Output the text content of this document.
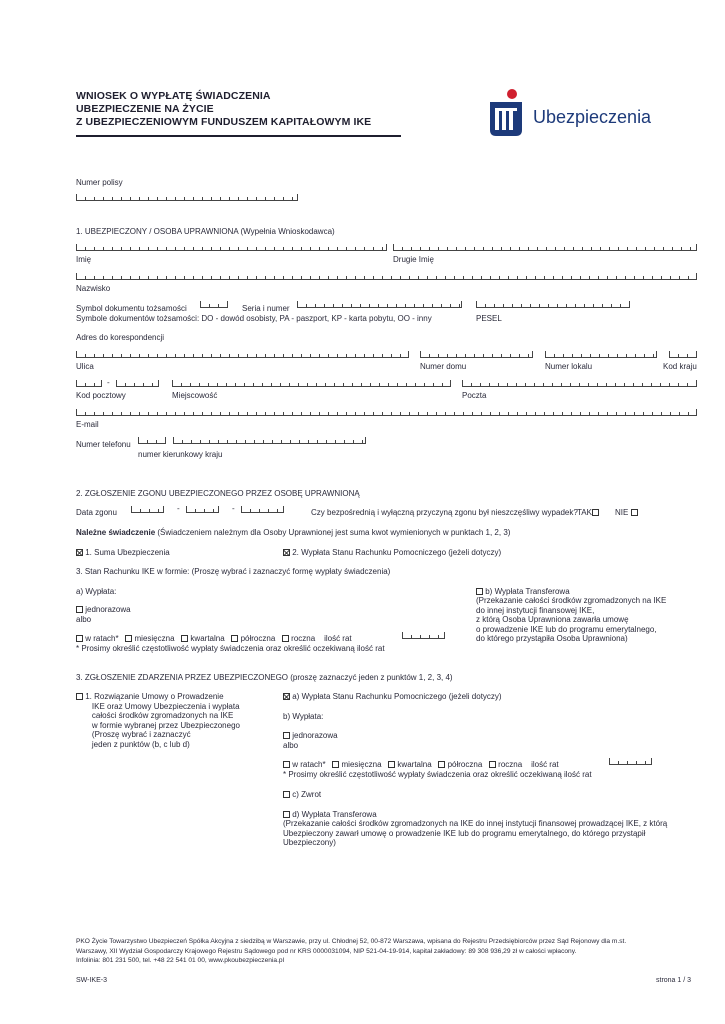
WNIOSEK O WYPŁATĘ ŚWIADCZENIA
UBEZPIECZENIE NA ŻYCIE
Z UBEZPIECZENIOWYM FUNDUSZEM KAPITAŁOWYM IKE	Ubezpieczenia
Numer polisy
1. UBEZPIECZONY / OSOBA UPRAWNIONA (Wypełnia Wnioskodawca)
Imię	Drugie Imię
Nazwisko
Symbol dokumentu tożsamości	Seria i numer
Symbole dokumentów tożsamości: DO - dowód osobisty, PA - paszport, KP - karta pobytu, OO - inny	PESEL
Adres do korespondencji
Ulica	Numer domu	Numer lokalu	Kod kraju
-
Kod pocztowy	Miejscowość	Poczta
E-mail
Numer telefonu
numer kierunkowy kraju
2. ZGŁOSZENIE ZGONU UBEZPIECZONEGO PRZEZ OSOBĘ UPRAWNIONĄ
Data zgonu	-	-	Czy bezpośrednią i wyłączną przyczyną zgonu był nieszczęśliwy wypadek? TAK	NIE
Należne świadczenie (Świadczeniem należnym dla Osoby Uprawnionej jest suma kwot wymienionych w punktach 1, 2, 3)
1. Suma Ubezpieczenia	2. Wypłata Stanu Rachunku Pomocniczego (jeżeli dotyczy)
3. Stan Rachunku IKE w formie: (Proszę wybrać i zaznaczyć formę wypłaty świadczenia)
a) Wypłata:
jednorazowa
albo
w ratach* miesięczna kwartalna półroczna roczna ilość rat
* Prosimy określić częstotliwość wypłaty świadczenia oraz określić oczekiwaną ilość rat
b) Wypłata Transferowa
(Przekazanie całości środków zgromadzonych na IKE
do innej instytucji finansowej IKE,
z którą Osoba Uprawniona zawarła umowę
o prowadzenie IKE lub do programu emerytalnego,
do którego przystąpiła Osoba Uprawniona)
3. ZGŁOSZENIE ZDARZENIA PRZEZ UBEZPIECZONEGO (proszę zaznaczyć jeden z punktów 1, 2, 3, 4)
1. Rozwiązanie Umowy o Prowadzenie
IKE oraz Umowy Ubezpieczenia i wypłata
całości środków zgromadzonych na IKE
w formie wybranej przez Ubezpieczonego
(Proszę wybrać i zaznaczyć
jeden z punktów (b, c lub d)
a) Wypłata Stanu Rachunku Pomocniczego (jeżeli dotyczy)
b) Wypłata:
jednorazowa
albo
w ratach* miesięczna kwartalna półroczna roczna ilość rat
* Prosimy określić częstotliwość wypłaty świadczenia oraz określić oczekiwaną ilość rat
c) Zwrot
d) Wypłata Transferowa
(Przekazanie całości środków zgromadzonych na IKE do innej instytucji finansowej prowadzącej IKE, z którą
Ubezpieczony zawarł umowę o prowadzenie IKE lub do programu emerytalnego, do którego przystąpił
Ubezpieczony)
PKO Życie Towarzystwo Ubezpieczeń Spółka Akcyjna z siedzibą w Warszawie, przy ul. Chłodnej 52, 00-872 Warszawa, wpisana do Rejestru Przedsiębiorców przez Sąd Rejonowy dla m.st.
Warszawy, XII Wydział Gospodarczy Krajowego Rejestru Sądowego pod nr KRS 0000031094, NIP 521-04-19-914, kapitał zakładowy: 89 308 936,29 zł w całości wpłacony.
Infolinia: 801 231 500, tel. +48 22 541 01 00, www.pkoubezpieczenia.pl
SW-IKE-3	strona 1 / 3
